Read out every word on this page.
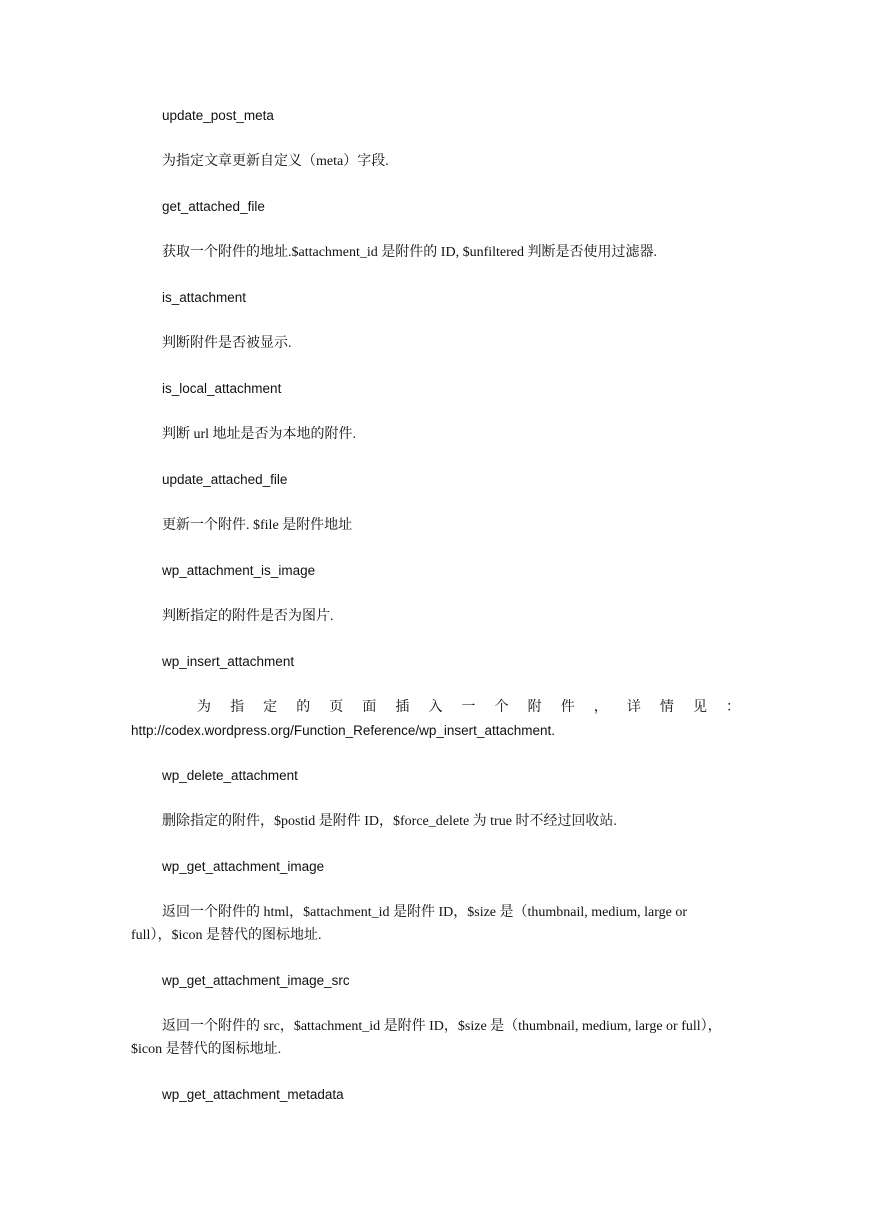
update_post_meta
为指定文章更新自定义（meta）字段.
get_attached_file
获取一个附件的地址.$attachment_id 是附件的 ID, $unfiltered 判断是否使用过滤器.
is_attachment
判断附件是否被显示.
is_local_attachment
判断 url 地址是否为本地的附件.
update_attached_file
更新一个附件. $file 是附件地址
wp_attachment_is_image
判断指定的附件是否为图片.
wp_insert_attachment
为 指 定 的 页 面 插 入 一 个 附 件 ， 详 情 见 ：
http://codex.wordpress.org/Function_Reference/wp_insert_attachment.
wp_delete_attachment
删除指定的附件，$postid 是附件 ID，$force_delete 为 true 时不经过回收站.
wp_get_attachment_image
返回一个附件的 html，$attachment_id 是附件 ID，$size 是（thumbnail, medium, large or
full），$icon 是替代的图标地址.
wp_get_attachment_image_src
返回一个附件的 src，$attachment_id 是附件 ID，$size 是（thumbnail, medium, large or full），
$icon 是替代的图标地址.
wp_get_attachment_metadata
